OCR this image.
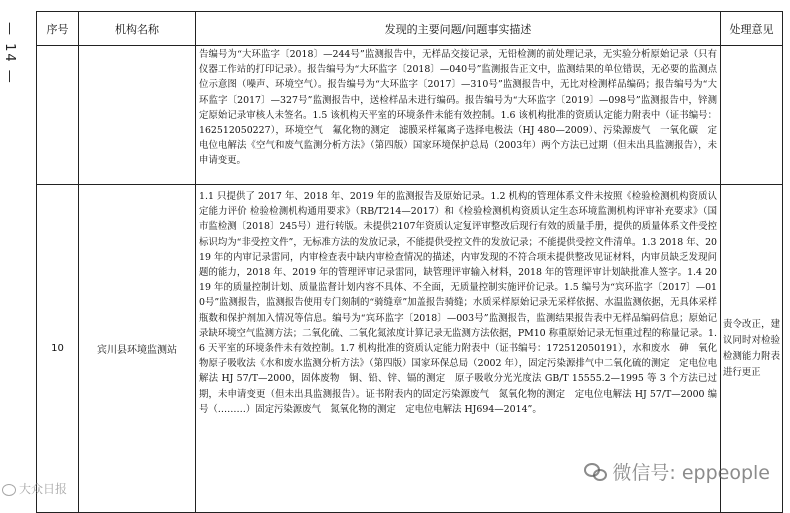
— 14 —	序号	机构名称	发现的主要问题/问题事实描述	处理意见

		告编号为“大环监字〔2018〕—244号”监测报告中，无样品交接记录，无铅检测的前处理记录，无实验分析原始记录（只有仪器工作站的打印记录）。报告编号为“大环监字〔2018〕—040号”监测报告正文中，监测结果的单位错误，无必要的监测点位示意图（噪声、环境空气）。报告编号为“大环监字〔2017〕—310号”监测报告中，无比对检测样品编码；报告编号为“大环监字〔2017〕—327号”监测报告中，送检样品未进行编码。报告编号为“大环监字〔2019〕—098号”监测报告中，锌测定原始记录审核人未签名。1.5 该机构天平室的环境条件未能有效控制。1.6 该机构批准的资质认定能力附表中（证书编号：162512050227），环境空气　氟化物的测定　滤膜采样氟离子选择电极法（HJ 480—2009）、污染源废气　一氧化碳　定电位电解法《空气和废气监测分析方法》（第四版）国家环境保护总局（2003年）两个方法已过期（但未出具监测报告），未申请变更。	

10	宾川县环境监测站	1.1 只提供了 2017 年、2018 年、2019 年的监测报告及原始记录。1.2 机构的管理体系文件未按照《检验检测机构资质认定能力评价 检验检测机构通用要求》（RB/T214—2017）和《检验检测机构资质认定生态环境监测机构评审补充要求》（国市监检测〔2018〕245号）进行转版。未提供2107年资质认定复评审整改后现行有效的质量手册，提供的质量体系文件受控标识均为“非受控文件”，无标准方法的发放记录，不能提供受控文件的发放记录；不能提供受控文件清单。1.3 2018 年、2019 年的内审记录雷同，内审检查表中缺内审检查情况的描述，内审发现的不符合项未提供整改见证材料，内审员缺乏发现问题的能力，2018 年、2019 年的管理评审记录雷同，缺管理评审输入材料，2018 年的管理评审计划缺批准人签字。1.4 2019 年的质量控制计划、质量监督计划内容不具体、不全面，无质量控制实施评价记录。1.5 编号为“宾环监字〔2017〕—010号”监测报告，监测报告使用专门刻制的“骑缝章”加盖报告骑缝；水质采样原始记录无采样依据、水温监测依据，无具体采样瓶数和保护剂加入情况等信息。编号为“宾环监字〔2018〕—003号”监测报告，监测结果报告表中无样品编码信息；原始记录缺环境空气监测方法；二氧化硫、二氧化氮浓度计算记录无监测方法依据，PM10 称重原始记录无恒重过程的称量记录。1.6 天平室的环境条件未有效控制。1.7 机构批准的资质认定能力附表中（证书编号：172512050191），水和废水　砷　氧化物原子吸收法《水和废水监测分析方法》（第四版）国家环保总局（2002 年），固定污染源排气中二氧化硫的测定　定电位电解法 HJ 57/T—2000，固体废物　铜、铅、锌、镉的测定　原子吸收分光光度法 GB/T 15555.2—1995 等 3 个方法已过期，未申请变更（但未出具监测报告）。证书附表内的固定污染源废气　氮氧化物的测定　定电位电解法 HJ 57/T—2000 编号（………）固定污染源废气　氮氧化物的测定　定电位电解法 HJ694—2014”。	责令改正，建议同时对检验检测能力附表进行更正
大众日报
微信号: eppeople
